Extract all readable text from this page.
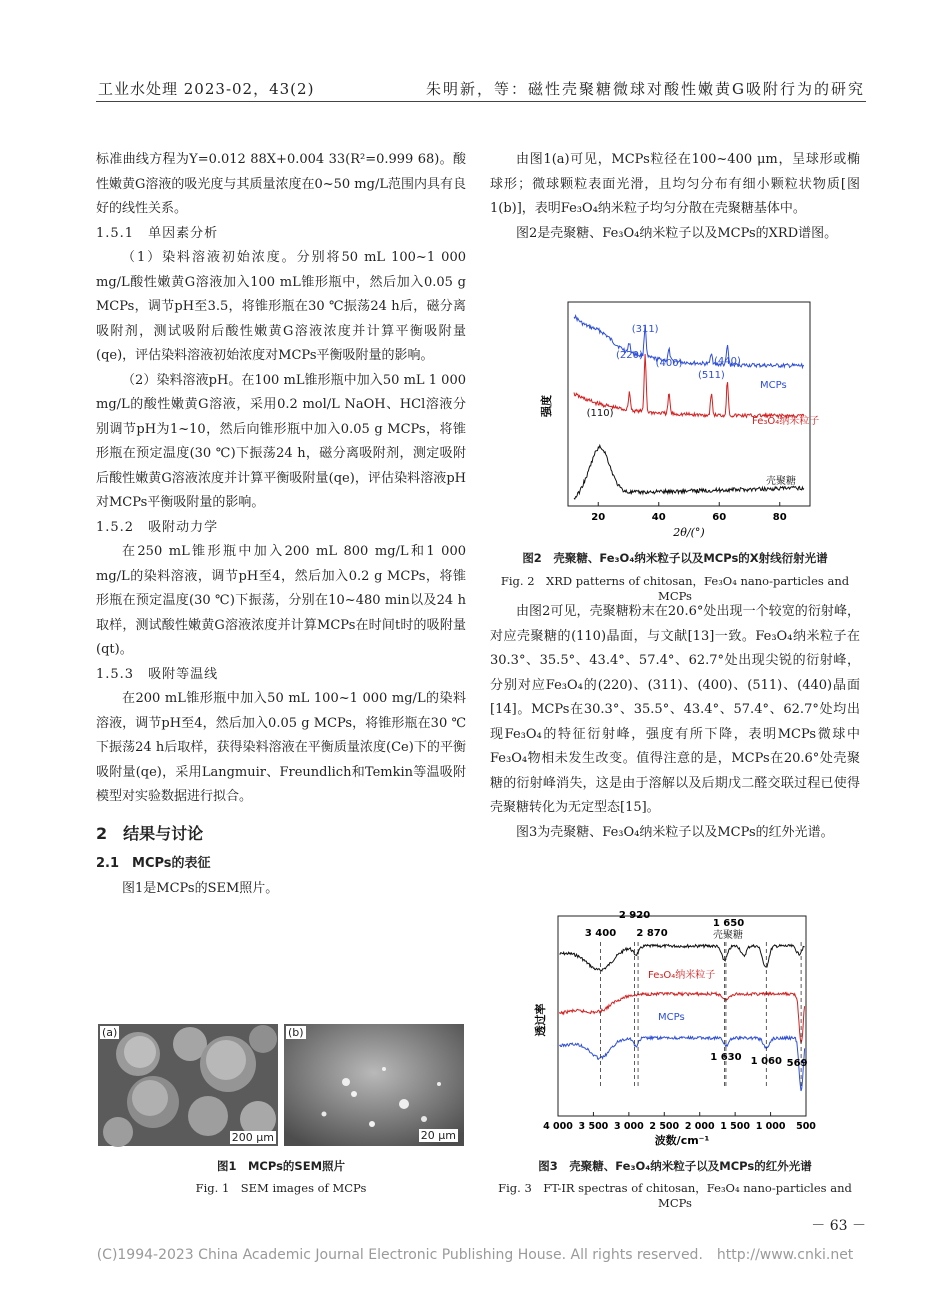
工业水处理 2023-02，43(2)	朱明新，等：磁性壳聚糖微球对酸性嫩黄G吸附行为的研究

标准曲线方程为Y=0.012 88X+0.004 33(R²=0.999 68)。酸性嫩黄G溶液的吸光度与其质量浓度在0~50 mg/L范围内具有良好的线性关系。

1.5.1　单因素分析

（1）染料溶液初始浓度。分别将50 mL 100~1 000 mg/L酸性嫩黄G溶液加入100 mL锥形瓶中，然后加入0.05 g MCPs，调节pH至3.5，将锥形瓶在30 ℃振荡24 h后，磁分离吸附剂，测试吸附后酸性嫩黄G溶液浓度并计算平衡吸附量(qe)，评估染料溶液初始浓度对MCPs平衡吸附量的影响。

（2）染料溶液pH。在100 mL锥形瓶中加入50 mL 1 000 mg/L的酸性嫩黄G溶液，采用0.2 mol/L NaOH、HCl溶液分别调节pH为1~10，然后向锥形瓶中加入0.05 g MCPs，将锥形瓶在预定温度(30 ℃)下振荡24 h，磁分离吸附剂，测定吸附后酸性嫩黄G溶液浓度并计算平衡吸附量(qe)，评估染料溶液pH对MCPs平衡吸附量的影响。

1.5.2　吸附动力学

在250 mL锥形瓶中加入200 mL 800 mg/L和1 000 mg/L的染料溶液，调节pH至4，然后加入0.2 g MCPs，将锥形瓶在预定温度(30 ℃)下振荡，分别在10~480 min以及24 h取样，测试酸性嫩黄G溶液浓度并计算MCPs在时间t时的吸附量(qt)。

1.5.3　吸附等温线

在200 mL锥形瓶中加入50 mL 100~1 000 mg/L的染料溶液，调节pH至4，然后加入0.05 g MCPs，将锥形瓶在30 ℃下振荡24 h后取样，获得染料溶液在平衡质量浓度(Ce)下的平衡吸附量(qe)，采用Langmuir、Freundlich和Temkin等温吸附模型对实验数据进行拟合。

2　结果与讨论

2.1　MCPs的表征

图1是MCPs的SEM照片。

(a)
200 μm
(b)
20 μm
图1　MCPs的SEM照片
Fig. 1　SEM images of MCPs

由图1(a)可见，MCPs粒径在100~400 μm，呈球形或椭球形；微球颗粒表面光滑，且均匀分布有细小颗粒状物质[图1(b)]，表明Fe₃O₄纳米粒子均匀分散在壳聚糖基体中。

图2是壳聚糖、Fe₃O₄纳米粒子以及MCPs的XRD谱图。

20	40	60	80
2θ/(°)
强度
(311)
(220)
(400)
(511)
(440)
(110)
MCPs
Fe₃O₄纳米粒子
壳聚糖
图2　壳聚糖、Fe₃O₄纳米粒子以及MCPs的X射线衍射光谱
Fig. 2　XRD patterns of chitosan，Fe₃O₄ nano-particles and MCPs

由图2可见，壳聚糖粉末在20.6°处出现一个较宽的衍射峰，对应壳聚糖的(110)晶面，与文献[13]一致。Fe₃O₄纳米粒子在30.3°、35.5°、43.4°、57.4°、62.7°处出现尖锐的衍射峰，分别对应Fe₃O₄的(220)、(311)、(400)、(511)、(440)晶面[14]。MCPs在30.3°、35.5°、43.4°、57.4°、62.7°处均出现Fe₃O₄的特征衍射峰，强度有所下降，表明MCPs微球中Fe₃O₄物相未发生改变。值得注意的是，MCPs在20.6°处壳聚糖的衍射峰消失，这是由于溶解以及后期戊二醛交联过程已使得壳聚糖转化为无定型态[15]。

图3为壳聚糖、Fe₃O₄纳米粒子以及MCPs的红外光谱。

4 000 3 500 3 000 2 500 2 000 1 500 1 000 500
波数/cm⁻¹
透过率
3 400
2 920
2 870
1 650
569
1 630 1 060
壳聚糖
Fe₃O₄纳米粒子
MCPs
图3　壳聚糖、Fe₃O₄纳米粒子以及MCPs的红外光谱
Fig. 3　FT-IR spectras of chitosan，Fe₃O₄ nano-particles and MCPs
－ 63 －
(C)1994-2023 China Academic Journal Electronic Publishing House. All rights reserved.　http://www.cnki.net
